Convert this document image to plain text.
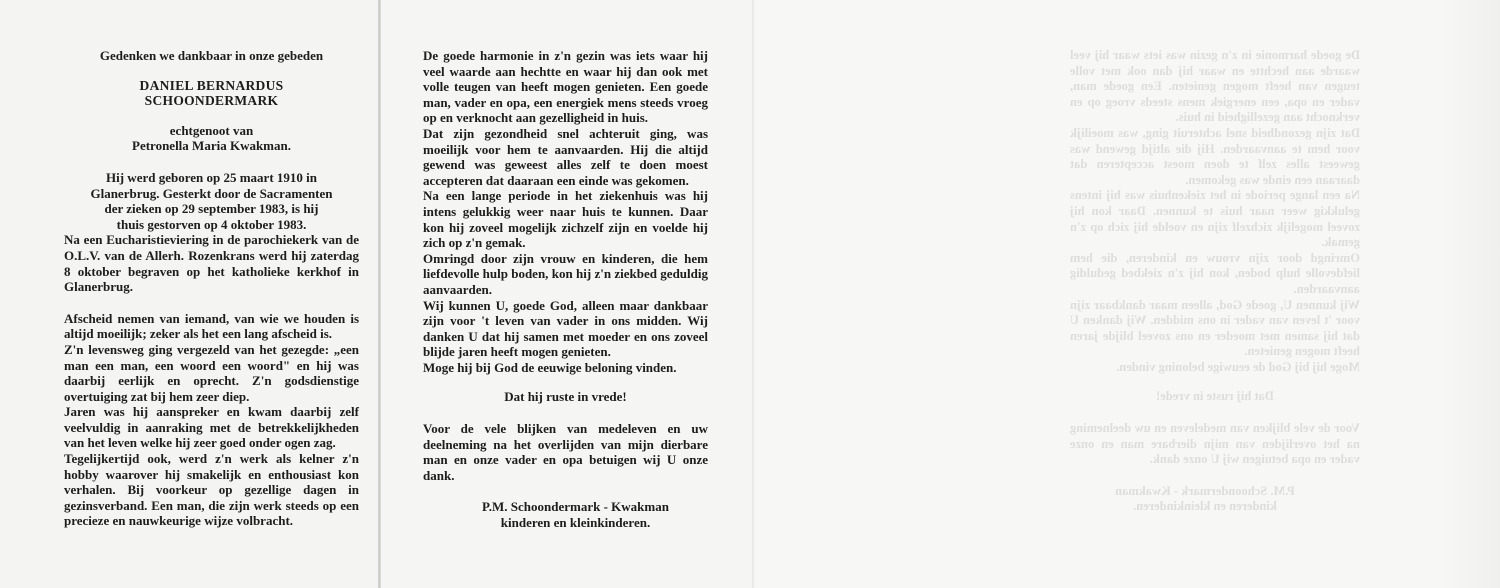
Gedenken we dankbaar in onze gebeden
DANIEL BERNARDUS
SCHOONDERMARK
echtgenoot van
Petronella Maria Kwakman.
Hij werd geboren op 25 maart 1910 in
Glanerbrug. Gesterkt door de Sacramenten
der zieken op 29 september 1983, is hij
thuis gestorven op 4 oktober 1983.
Na een Eucharistieviering in de parochiekerk van de O.L.V. van de Allerh. Rozenkrans werd hij zaterdag 8 oktober begraven op het katholieke kerkhof in Glanerbrug.
Afscheid nemen van iemand, van wie we houden is altijd moeilijk; zeker als het een lang afscheid is.
Z'n levensweg ging vergezeld van het gezegde: „een man een man, een woord een woord" en hij was daarbij eerlijk en oprecht. Z'n godsdienstige overtuiging zat bij hem zeer diep.
Jaren was hij aanspreker en kwam daarbij zelf veelvuldig in aanraking met de betrekkelijkheden van het leven welke hij zeer goed onder ogen zag.
Tegelijkertijd ook, werd z'n werk als kelner z'n hobby waarover hij smakelijk en enthousiast kon verhalen. Bij voorkeur op gezellige dagen in gezinsverband. Een man, die zijn werk steeds op een precieze en nauwkeurige wijze volbracht.
De goede harmonie in z'n gezin was iets waar hij veel waarde aan hechtte en waar hij dan ook met volle teugen van heeft mogen genieten. Een goede man, vader en opa, een energiek mens steeds vroeg op en verknocht aan gezelligheid in huis.
Dat zijn gezondheid snel achteruit ging, was moeilijk voor hem te aanvaarden. Hij die altijd gewend was geweest alles zelf te doen moest accepteren dat daaraan een einde was gekomen.
Na een lange periode in het ziekenhuis was hij intens gelukkig weer naar huis te kunnen. Daar kon hij zoveel mogelijk zichzelf zijn en voelde hij zich op z'n gemak.
Omringd door zijn vrouw en kinderen, die hem liefdevolle hulp boden, kon hij z'n ziekbed geduldig aanvaarden.
Wij kunnen U, goede God, alleen maar dankbaar zijn voor 't leven van vader in ons midden. Wij danken U dat hij samen met moeder en ons zoveel blijde jaren heeft mogen genieten.
Moge hij bij God de eeuwige beloning vinden.
Dat hij ruste in vrede!
Voor de vele blijken van medeleven en uw deelneming na het overlijden van mijn dierbare man en onze vader en opa betuigen wij U onze dank.
P.M. Schoondermark - Kwakman
kinderen en kleinkinderen.
De goede harmonie in z'n gezin was iets waar hij veel waarde aan hechtte en waar hij dan ook met volle teugen van heeft mogen genieten. Een goede man, vader en opa, een energiek mens steeds vroeg op en verknocht aan gezelligheid in huis.
Dat zijn gezondheid snel achteruit ging, was moeilijk voor hem te aanvaarden. Hij die altijd gewend was geweest alles zelf te doen moest accepteren dat daaraan een einde was gekomen.
Na een lange periode in het ziekenhuis was hij intens gelukkig weer naar huis te kunnen. Daar kon hij zoveel mogelijk zichzelf zijn en voelde hij zich op z'n gemak.
Omringd door zijn vrouw en kinderen, die hem liefdevolle hulp boden, kon hij z'n ziekbed geduldig aanvaarden.
Wij kunnen U, goede God, alleen maar dankbaar zijn voor 't leven van vader in ons midden. Wij danken U dat hij samen met moeder en ons zoveel blijde jaren heeft mogen genieten.
Moge hij bij God de eeuwige beloning vinden.
Dat hij ruste in vrede!
Voor de vele blijken van medeleven en uw deelneming na het overlijden van mijn dierbare man en onze vader en opa betuigen wij U onze dank.
P.M. Schoondermark - Kwakman
kinderen en kleinkinderen.
